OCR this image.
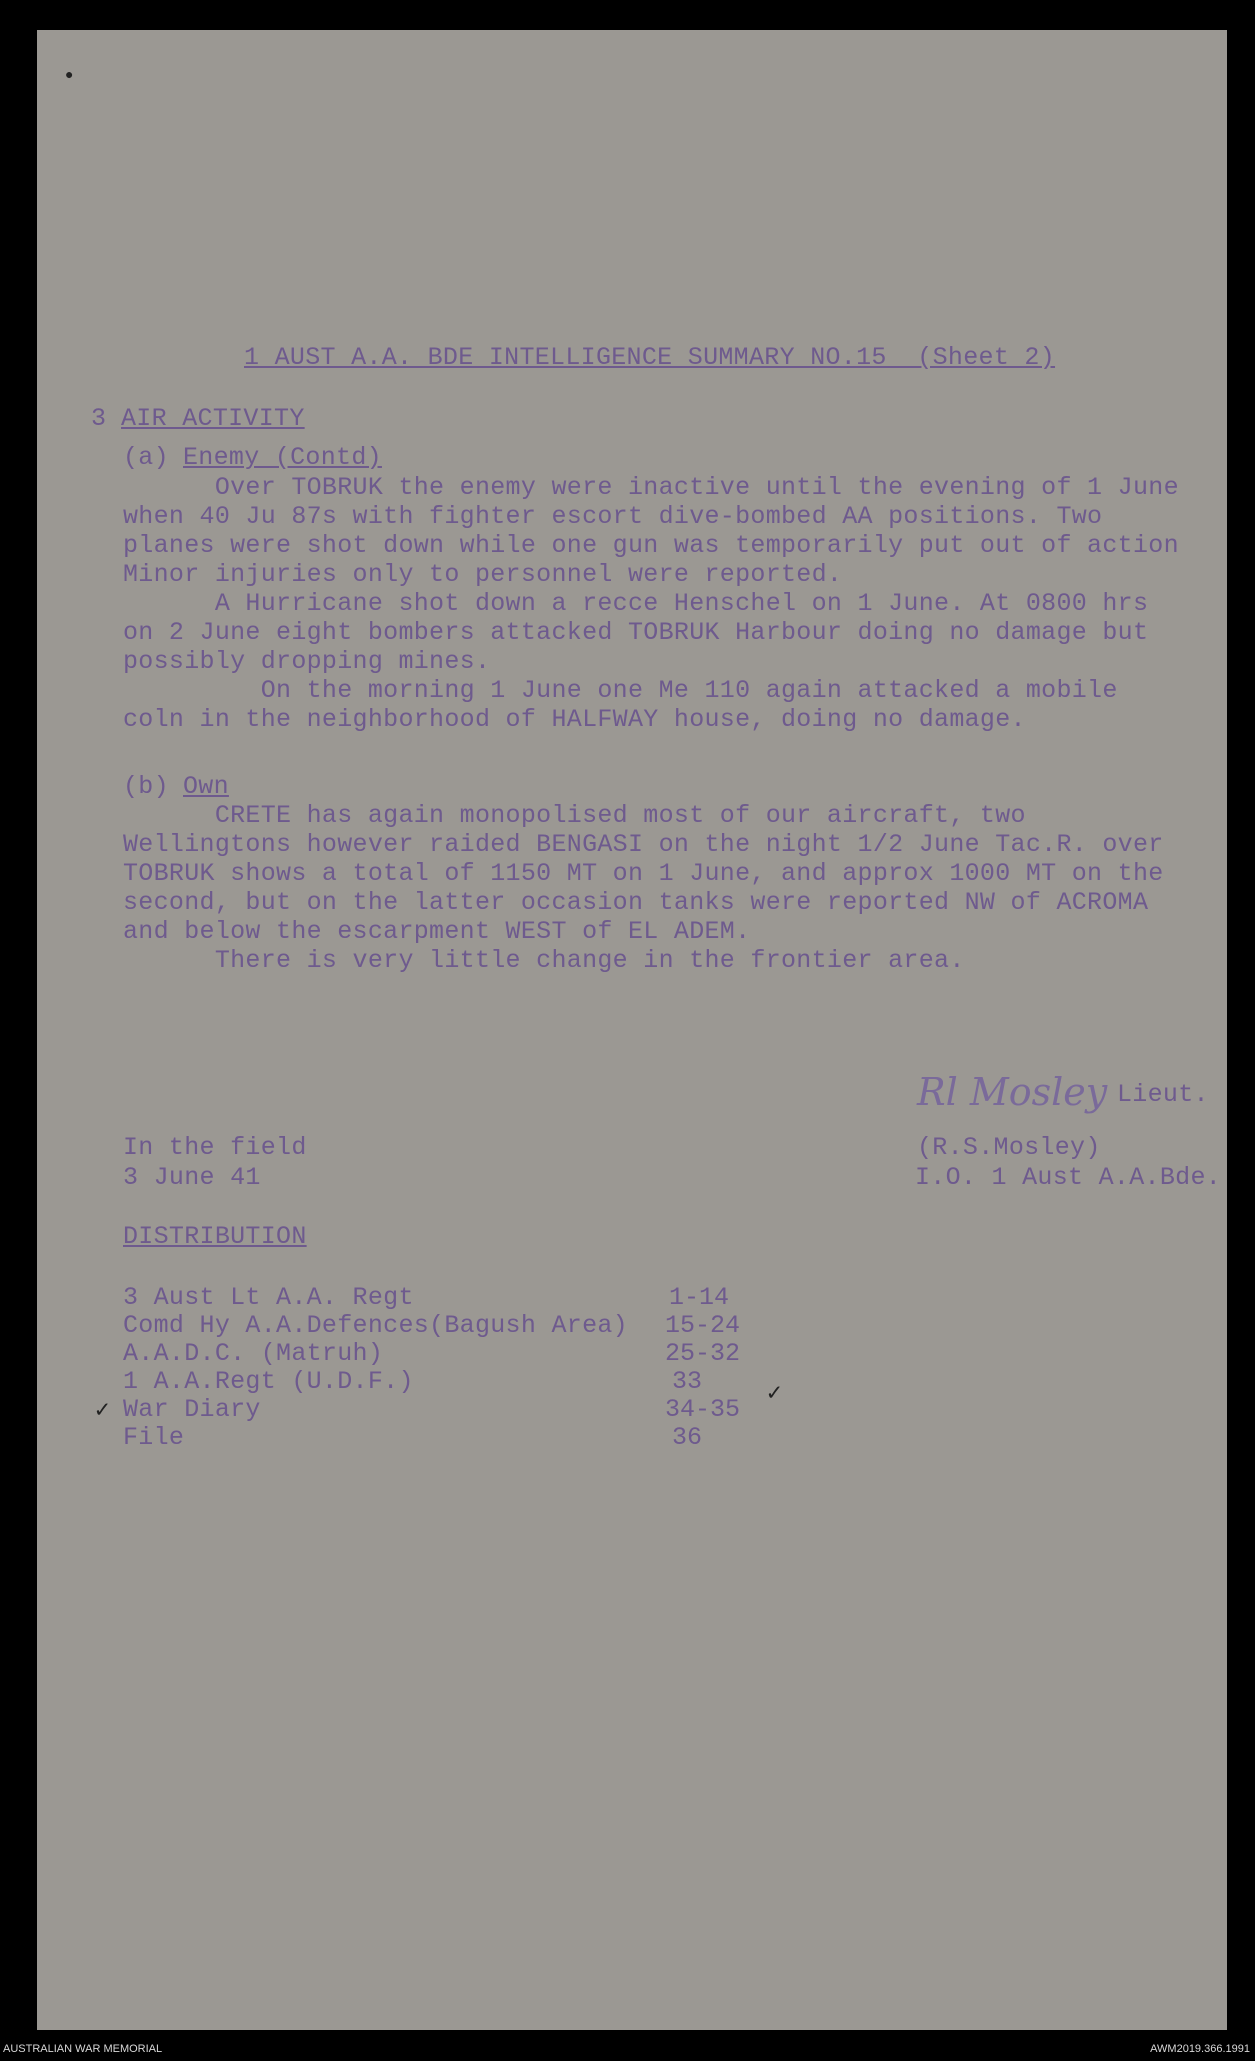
1 AUST A.A. BDE INTELLIGENCE SUMMARY NO.15  (Sheet 2)
3 AIR ACTIVITY
(a) Enemy (Contd)
Over TOBRUK the enemy were inactive until the evening of 1 June
when 40 Ju 87s with fighter escort dive-bombed AA positions. Two
planes were shot down while one gun was temporarily put out of action
Minor injuries only to personnel were reported.
A Hurricane shot down a recce Henschel on 1 June. At 0800 hrs
on 2 June eight bombers attacked TOBRUK Harbour doing no damage but
possibly dropping mines.
On the morning 1 June one Me 110 again attacked a mobile
coln in the neighborhood of HALFWAY house, doing no damage.
(b) Own
CRETE has again monopolised most of our aircraft, two
Wellingtons however raided BENGASI on the night 1/2 June Tac.R. over
TOBRUK shows a total of 1150 MT on 1 June, and approx 1000 MT on the
second, but on the latter occasion tanks were reported NW of ACROMA
and below the escarpment WEST of EL ADEM.
There is very little change in the frontier area.
Rl Mosley Lieut.
(R.S.Mosley)
I.O. 1 Aust A.A.Bde.
In the field
3 June 41
DISTRIBUTION
3 Aust Lt A.A. Regt	1-14
Comd Hy A.A.Defences(Bagush Area) 15-24
A.A.D.C. (Matruh)	25-32
1 A.A.Regt (U.D.F.)	33
War Diary	34-35
File	36
✓
✓
●
AUSTRALIAN WAR MEMORIAL	AWM2019.366.1991
